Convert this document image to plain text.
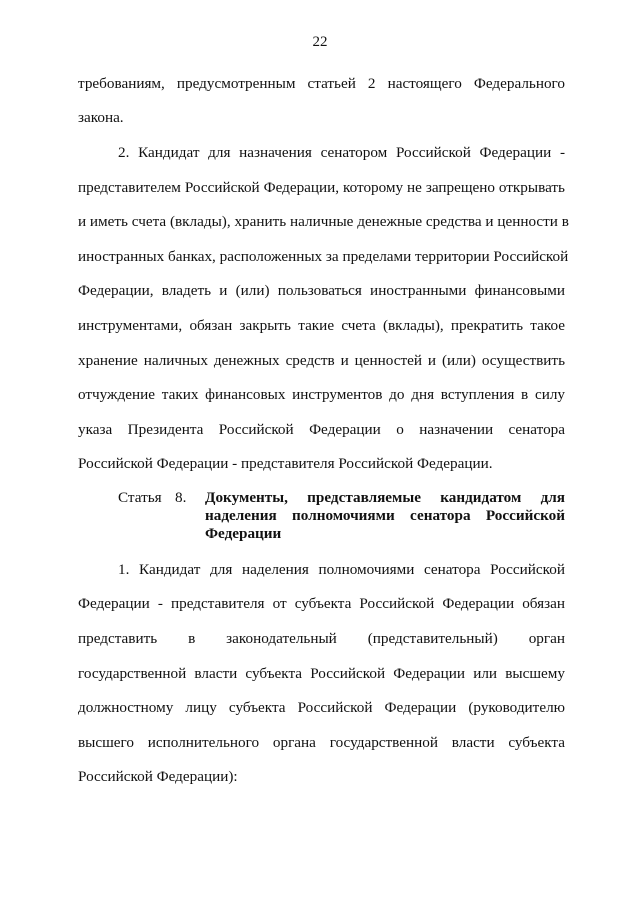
22
требованиям, предусмотренным статьей 2 настоящего Федерального
закона.
2. Кандидат для назначения сенатором Российской Федерации -
представителем Российской Федерации, которому не запрещено открывать
и иметь счета (вклады), хранить наличные денежные средства и ценности в
иностранных банках, расположенных за пределами территории Российской
Федерации, владеть и (или) пользоваться иностранными финансовыми
инструментами, обязан закрыть такие счета (вклады), прекратить такое
хранение наличных денежных средств и ценностей и (или) осуществить
отчуждение таких финансовых инструментов до дня вступления в силу
указа Президента Российской Федерации о назначении сенатора
Российской Федерации - представителя Российской Федерации.
Статья 8. Документы, представляемые кандидатом для
наделения полномочиями сенатора Российской
Федерации
1. Кандидат для наделения полномочиями сенатора Российской
Федерации - представителя от субъекта Российской Федерации обязан
представить в законодательный (представительный) орган
государственной власти субъекта Российской Федерации или высшему
должностному лицу субъекта Российской Федерации (руководителю
высшего исполнительного органа государственной власти субъекта
Российской Федерации):
